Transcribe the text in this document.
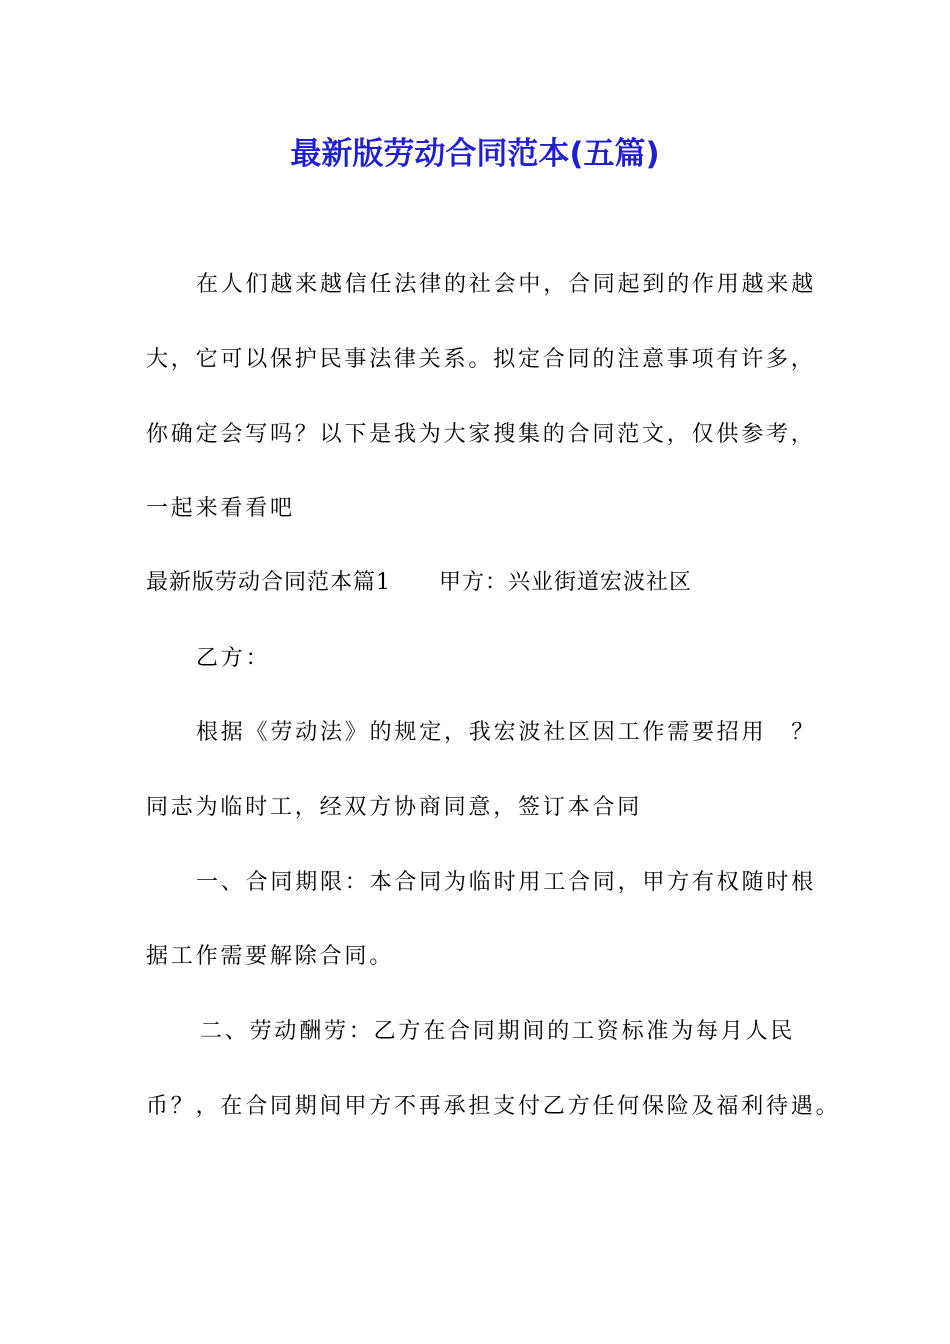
最新版劳动合同范本(五篇)
在人们越来越信任法律的社会中，合同起到的作用越来越
大，它可以保护民事法律关系。拟定合同的注意事项有许多，
你确定会写吗？以下是我为大家搜集的合同范文，仅供参考，
一起来看看吧
最新版劳动合同范本篇1 甲方：兴业街道宏波社区
乙方：
根据《劳动法》的规定，我宏波社区因工作需要招用　？
同志为临时工，经双方协商同意，签订本合同
一、合同期限：本合同为临时用工合同，甲方有权随时根
据工作需要解除合同。
二、劳动酬劳：乙方在合同期间的工资标准为每月人民
币？，在合同期间甲方不再承担支付乙方任何保险及福利待遇。
